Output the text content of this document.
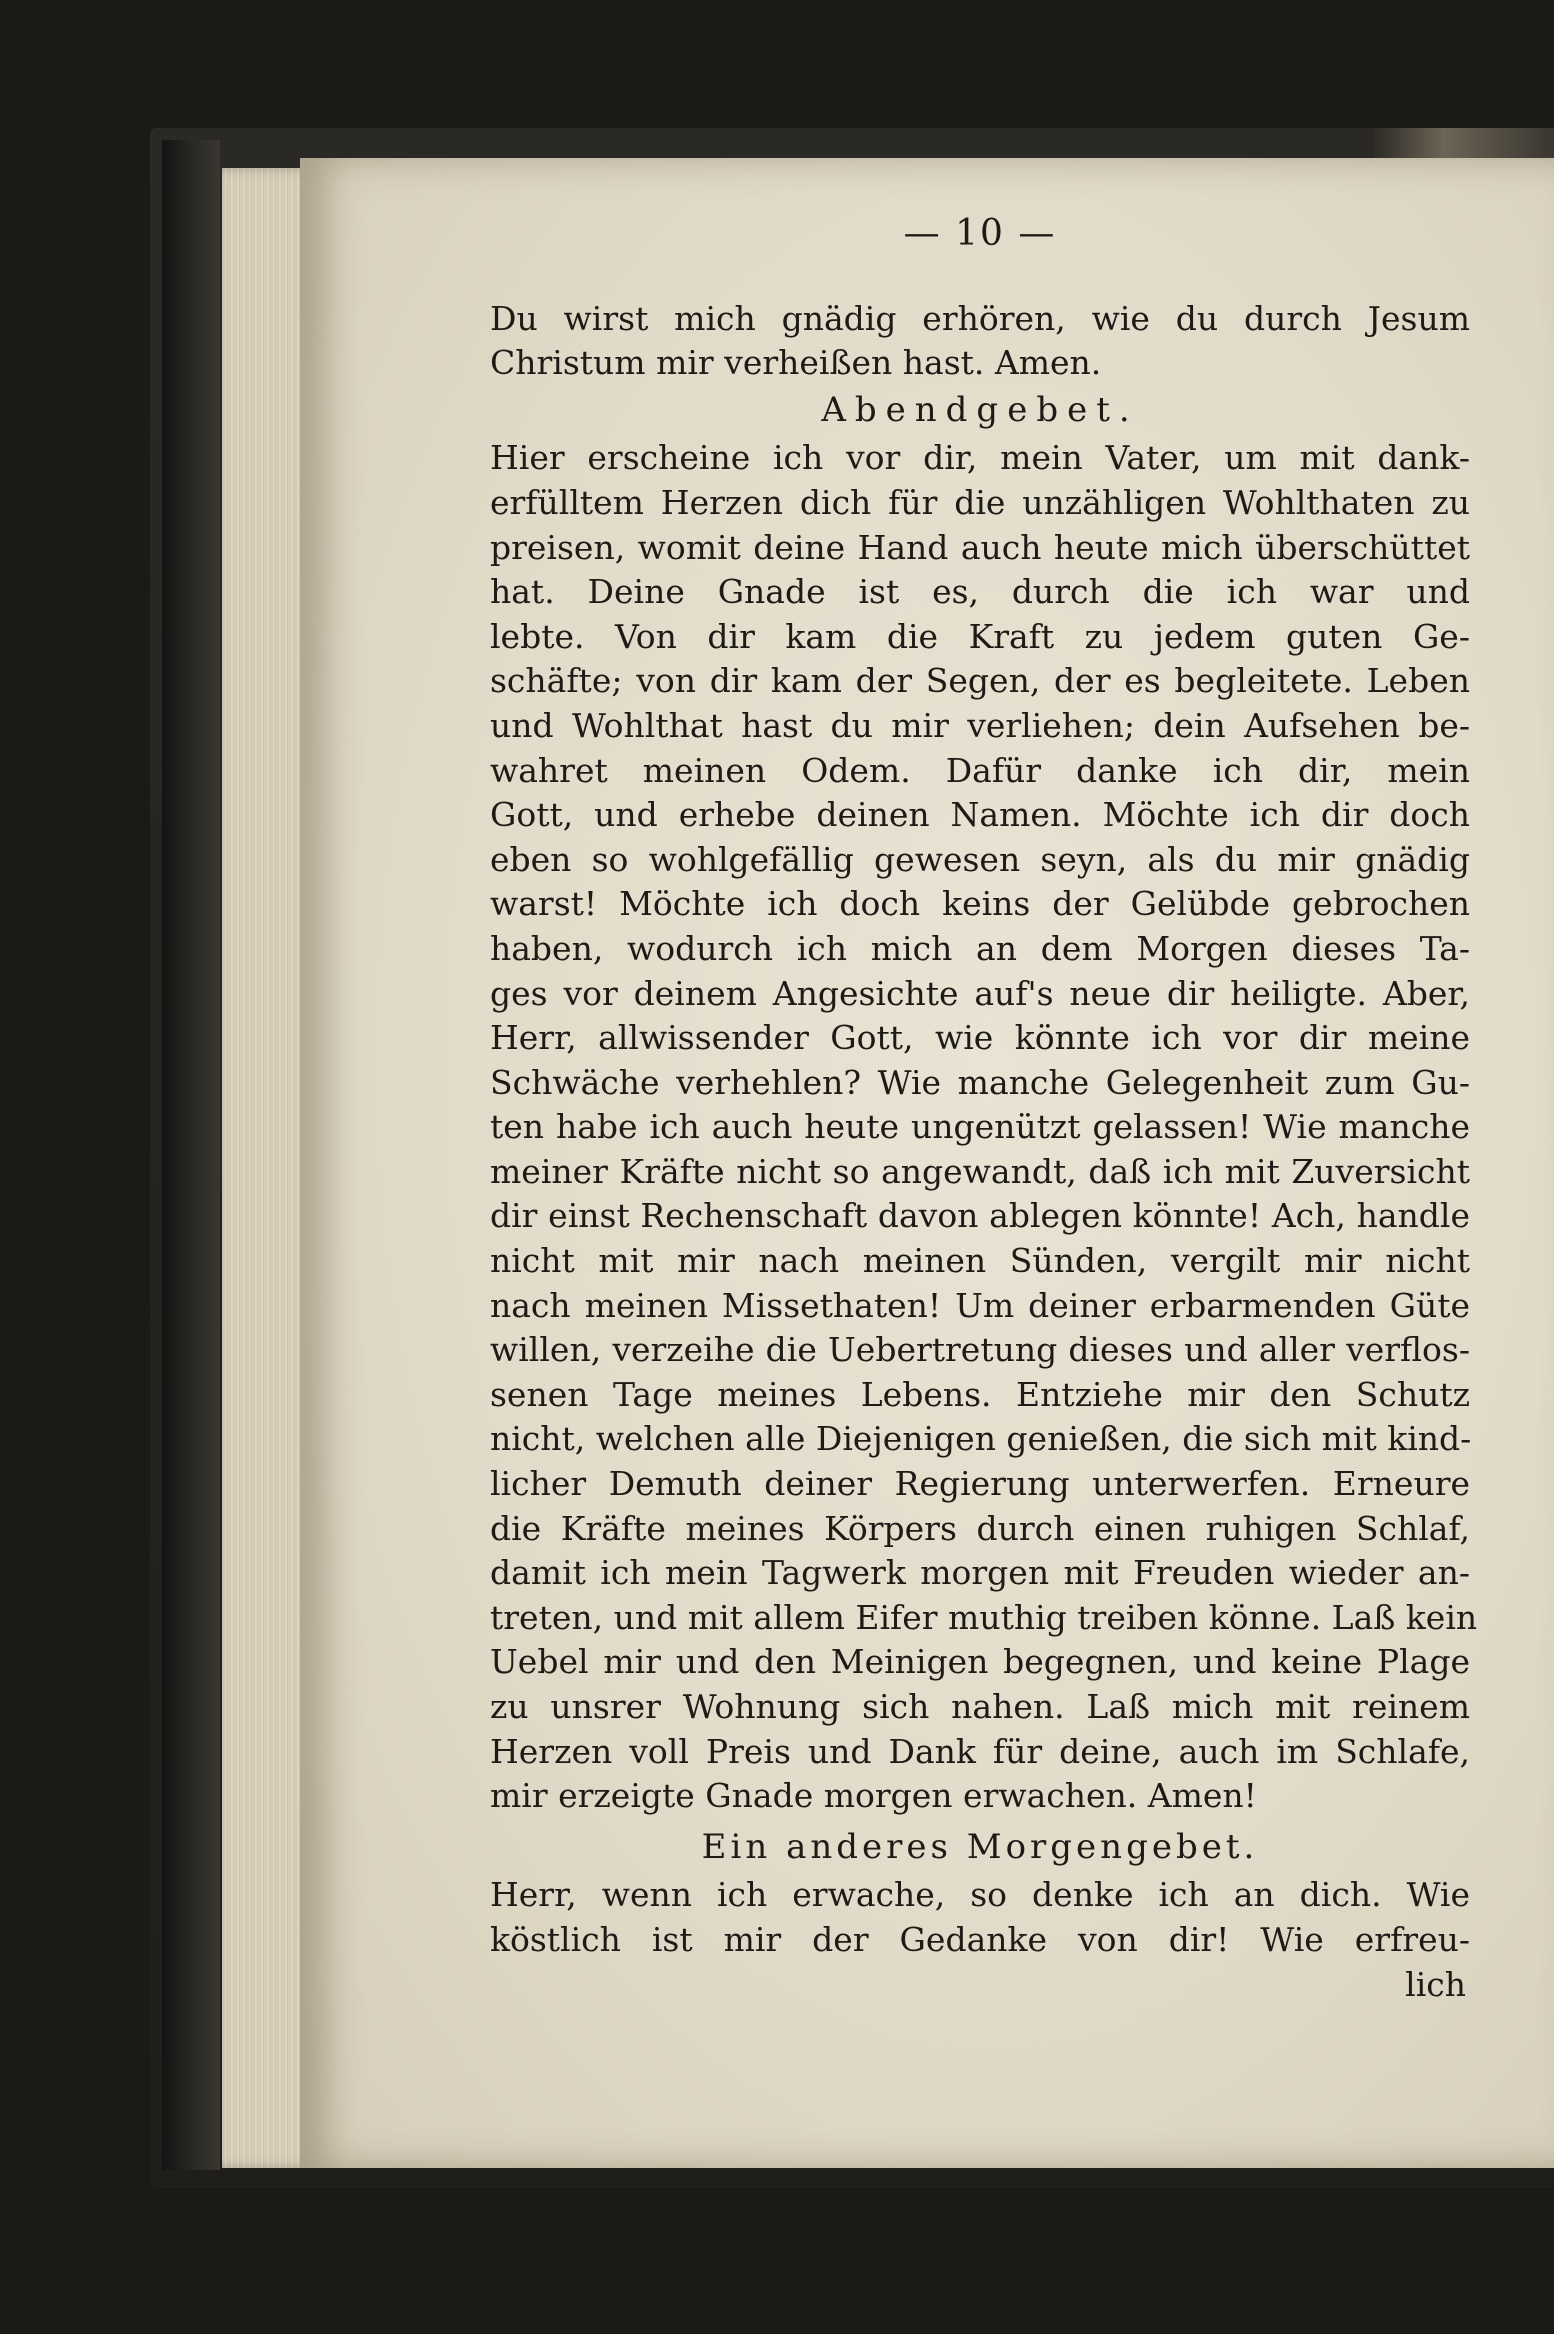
— 10 —
Du wirst mich gnädig erhören, wie du durch Jesum
Christum mir verheißen hast. Amen.
Abendgebet.
Hier erscheine ich vor dir, mein Vater, um mit dank-
erfülltem Herzen dich für die unzähligen Wohlthaten zu
preisen, womit deine Hand auch heute mich überschüttet
hat. Deine Gnade ist es, durch die ich war und
lebte. Von dir kam die Kraft zu jedem guten Ge-
schäfte; von dir kam der Segen, der es begleitete. Leben
und Wohlthat hast du mir verliehen; dein Aufsehen be-
wahret meinen Odem. Dafür danke ich dir, mein
Gott, und erhebe deinen Namen. Möchte ich dir doch
eben so wohlgefällig gewesen seyn, als du mir gnädig
warst! Möchte ich doch keins der Gelübde gebrochen
haben, wodurch ich mich an dem Morgen dieses Ta-
ges vor deinem Angesichte auf's neue dir heiligte. Aber,
Herr, allwissender Gott, wie könnte ich vor dir meine
Schwäche verhehlen? Wie manche Gelegenheit zum Gu-
ten habe ich auch heute ungenützt gelassen! Wie manche
meiner Kräfte nicht so angewandt, daß ich mit Zuversicht
dir einst Rechenschaft davon ablegen könnte! Ach, handle
nicht mit mir nach meinen Sünden, vergilt mir nicht
nach meinen Missethaten! Um deiner erbarmenden Güte
willen, verzeihe die Uebertretung dieses und aller verflos-
senen Tage meines Lebens. Entziehe mir den Schutz
nicht, welchen alle Diejenigen genießen, die sich mit kind-
licher Demuth deiner Regierung unterwerfen. Erneure
die Kräfte meines Körpers durch einen ruhigen Schlaf,
damit ich mein Tagwerk morgen mit Freuden wieder an-
treten, und mit allem Eifer muthig treiben könne. Laß kein
Uebel mir und den Meinigen begegnen, und keine Plage
zu unsrer Wohnung sich nahen. Laß mich mit reinem
Herzen voll Preis und Dank für deine, auch im Schlafe,
mir erzeigte Gnade morgen erwachen. Amen!
Ein anderes Morgengebet.
Herr, wenn ich erwache, so denke ich an dich. Wie
köstlich ist mir der Gedanke von dir! Wie erfreu-
lich
